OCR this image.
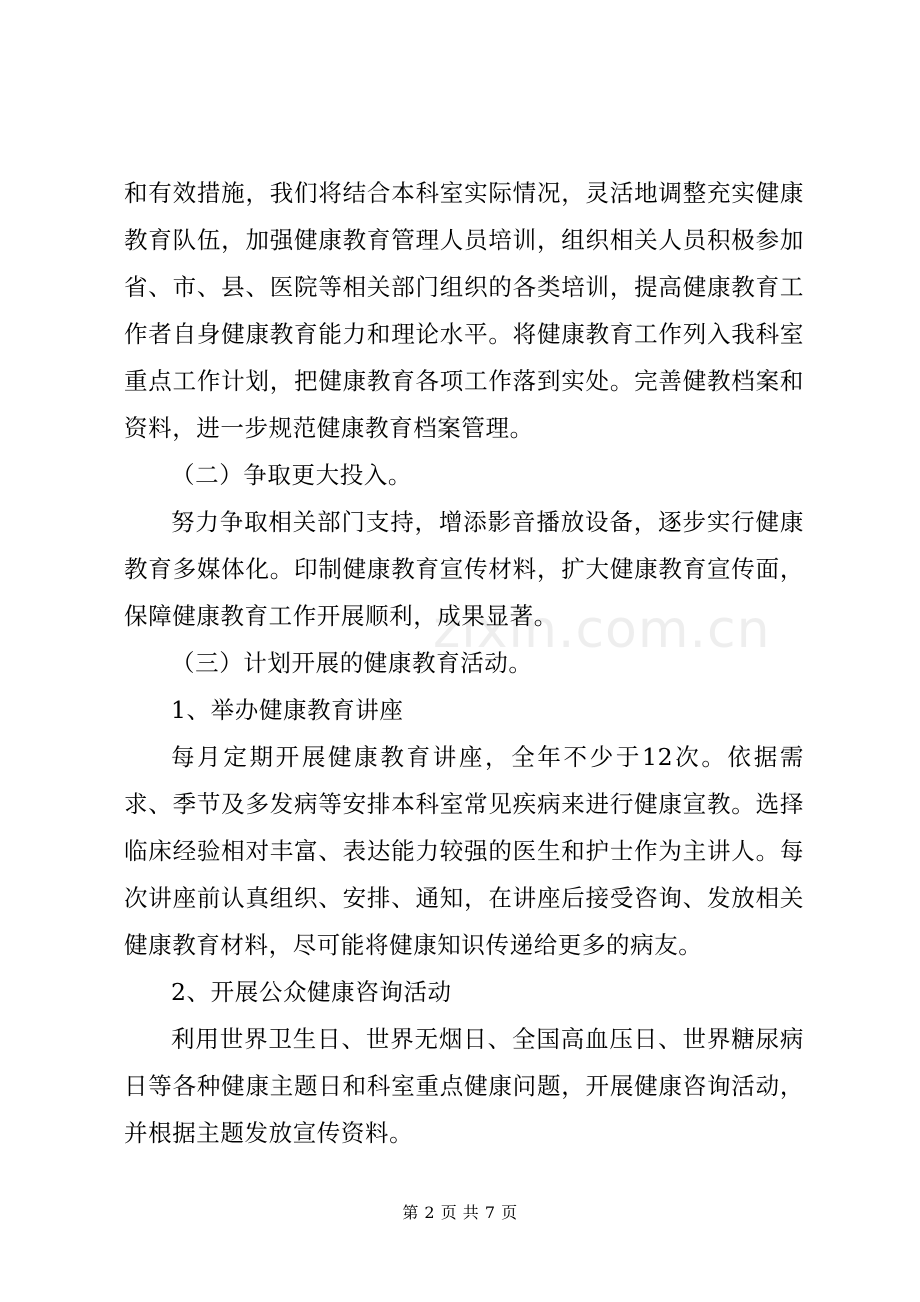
zixin.com.cn

和有效措施，我们将结合本科室实际情况，灵活地调整充实健康教育队伍，加强健康教育管理人员培训，组织相关人员积极参加省、市、县、医院等相关部门组织的各类培训，提高健康教育工作者自身健康教育能力和理论水平。将健康教育工作列入我科室重点工作计划，把健康教育各项工作落到实处。完善健教档案和资料，进一步规范健康教育档案管理。

（二）争取更大投入。

努力争取相关部门支持，增添影音播放设备，逐步实行健康教育多媒体化。印制健康教育宣传材料，扩大健康教育宣传面，保障健康教育工作开展顺利，成果显著。

（三）计划开展的健康教育活动。

1、举办健康教育讲座

每月定期开展健康教育讲座，全年不少于12次。依据需求、季节及多发病等安排本科室常见疾病来进行健康宣教。选择临床经验相对丰富、表达能力较强的医生和护士作为主讲人。每次讲座前认真组织、安排、通知，在讲座后接受咨询、发放相关健康教育材料，尽可能将健康知识传递给更多的病友。

2、开展公众健康咨询活动

利用世界卫生日、世界无烟日、全国高血压日、世界糖尿病日等各种健康主题日和科室重点健康问题，开展健康咨询活动，并根据主题发放宣传资料。

第 2 页 共 7 页
